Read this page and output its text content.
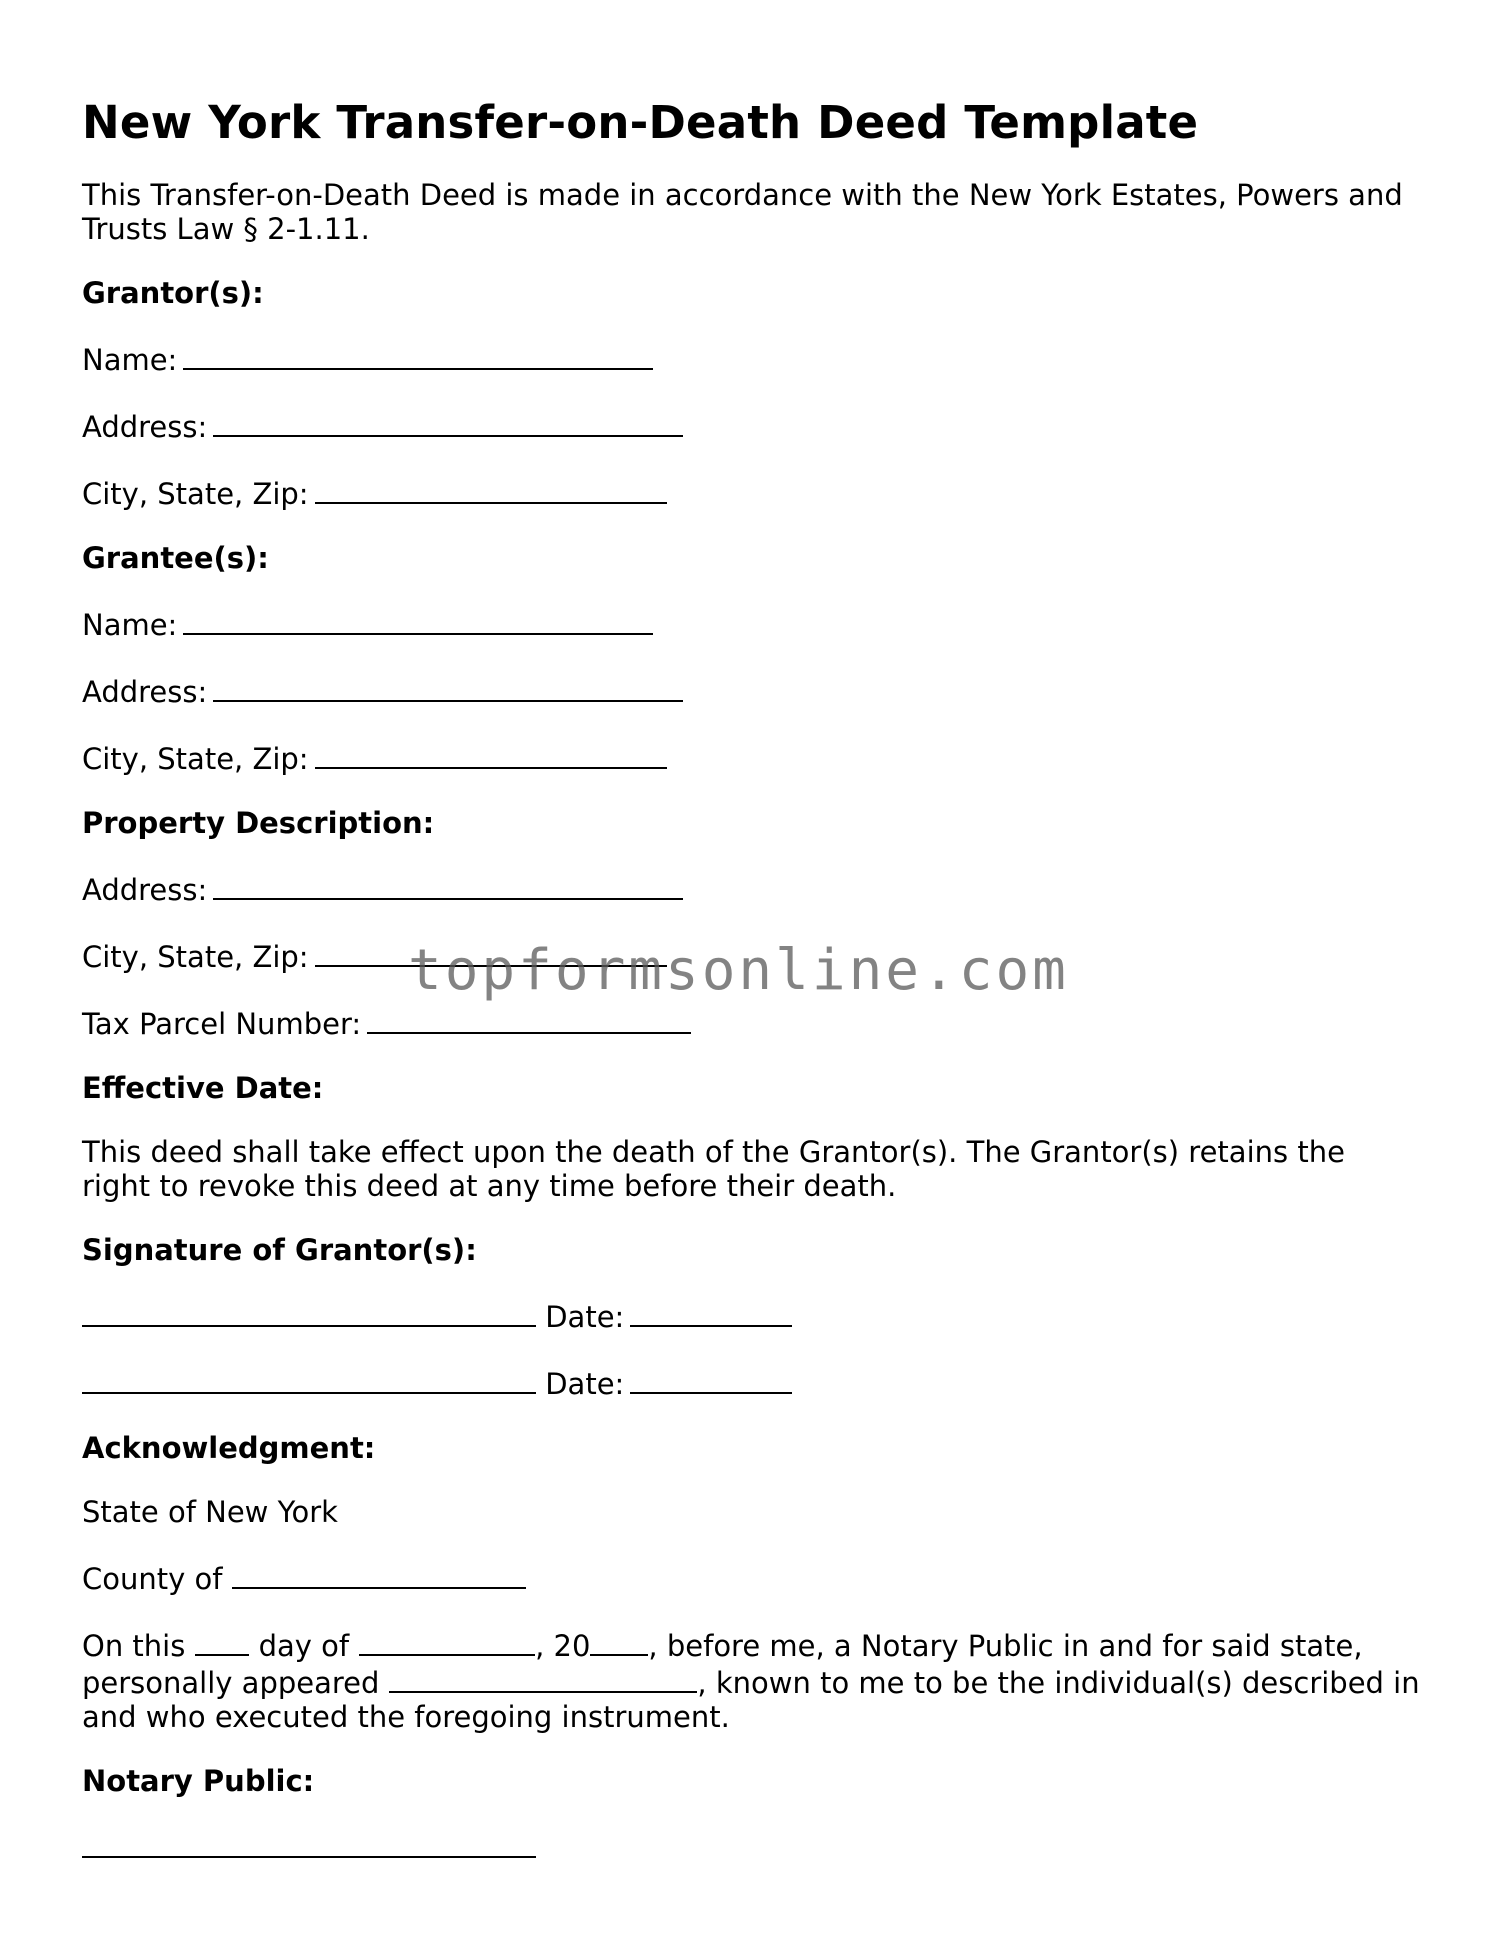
New York Transfer-on-Death Deed Template

This Transfer-on-Death Deed is made in accordance with the New York Estates, Powers and Trusts Law § 2-1.11.

Grantor(s):

Name:

Address:

City, State, Zip:

Grantee(s):

Name:

Address:

City, State, Zip:

Property Description:

Address:

City, State, Zip:

Tax Parcel Number:

Effective Date:

This deed shall take effect upon the death of the Grantor(s). The Grantor(s) retains the right to revoke this deed at any time before their death.

Signature of Grantor(s):

Date:

Date:

Acknowledgment:

State of New York

County of

On this	day of	, 20 , before me, a Notary Public in and for said state, personally appeared	, known to me to be the individual(s) described in and who executed the foregoing instrument.

Notary Public:

topformsonline.com
